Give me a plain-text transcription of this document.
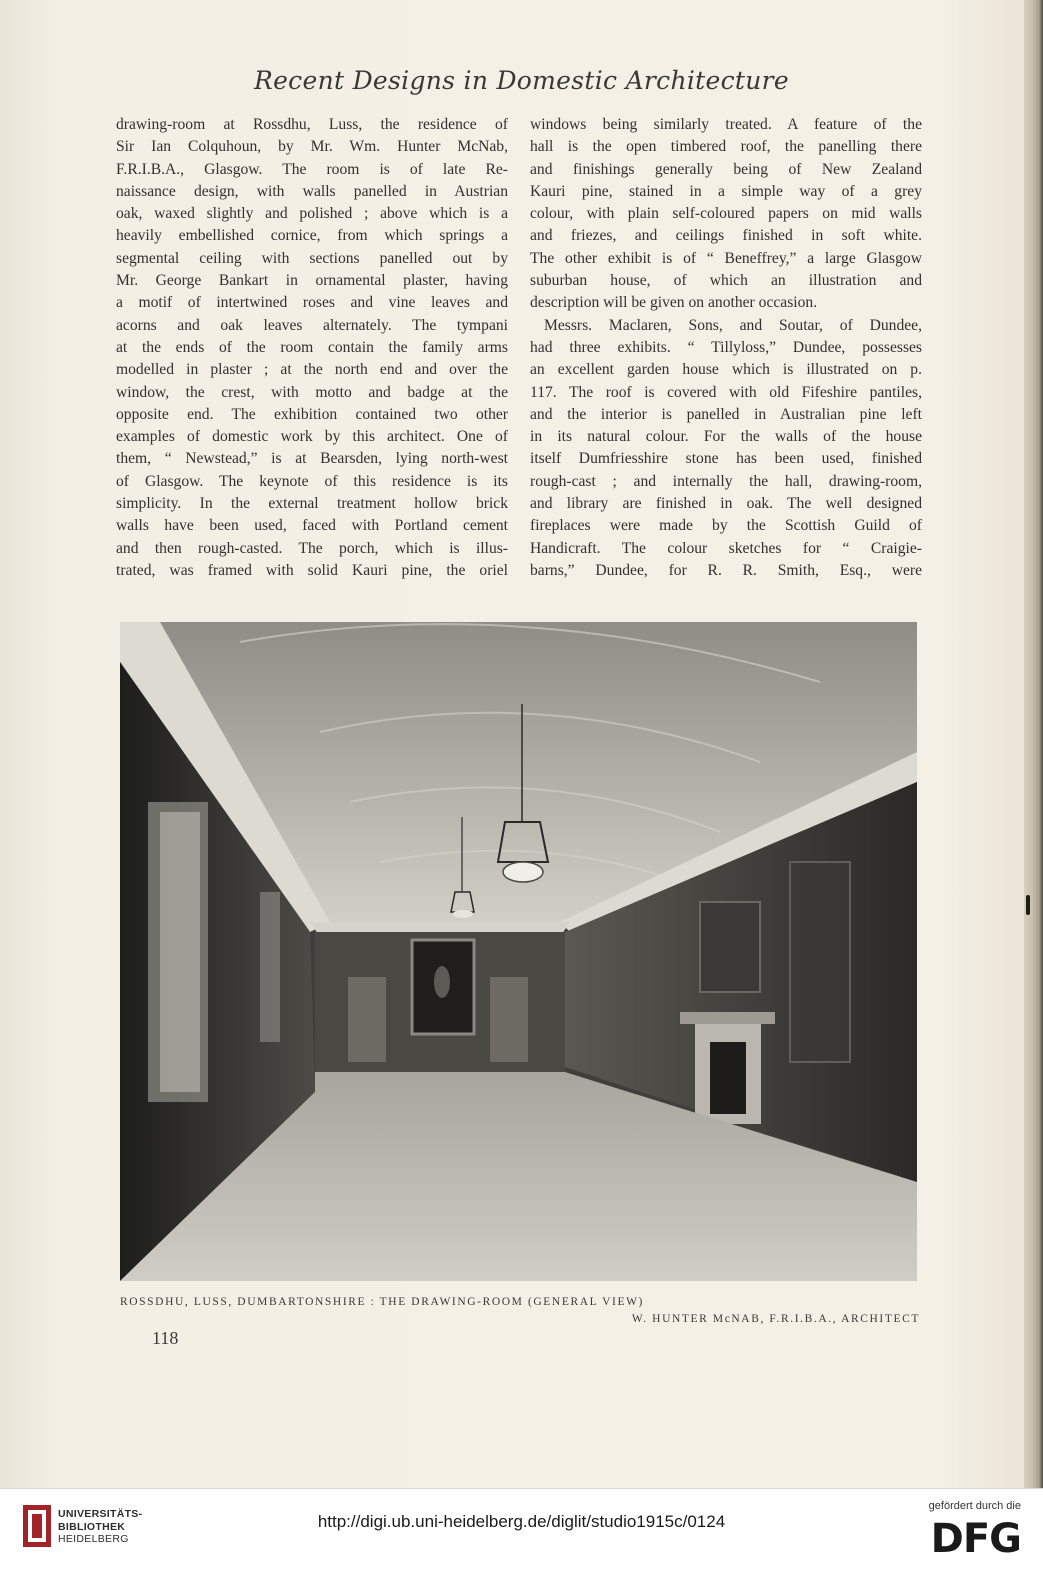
Recent Designs in Domestic Architecture
drawing-room at Rossdhu, Luss, the residence of
Sir Ian Colquhoun, by Mr. Wm. Hunter McNab,
F.R.I.B.A., Glasgow. The room is of late Re-
naissance design, with walls panelled in Austrian
oak, waxed slightly and polished ; above which is a
heavily embellished cornice, from which springs a
segmental ceiling with sections panelled out by
Mr. George Bankart in ornamental plaster, having
a motif of intertwined roses and vine leaves and
acorns and oak leaves alternately. The tympani
at the ends of the room contain the family arms
modelled in plaster ; at the north end and over the
window, the crest, with motto and badge at the
opposite end. The exhibition contained two other
examples of domestic work by this architect. One of
them, “ Newstead,” is at Bearsden, lying north-west
of Glasgow. The keynote of this residence is its
simplicity. In the external treatment hollow brick
walls have been used, faced with Portland cement
and then rough-casted. The porch, which is illus-
trated, was framed with solid Kauri pine, the oriel
windows being similarly treated. A feature of the
hall is the open timbered roof, the panelling there
and finishings generally being of New Zealand
Kauri pine, stained in a simple way of a grey
colour, with plain self-coloured papers on mid walls
and friezes, and ceilings finished in soft white.
The other exhibit is of “ Beneffrey,” a large Glasgow
suburban house, of which an illustration and
description will be given on another occasion.
Messrs. Maclaren, Sons, and Soutar, of Dundee,
had three exhibits. “ Tillyloss,” Dundee, possesses
an excellent garden house which is illustrated on p.
117. The roof is covered with old Fifeshire pantiles,
and the interior is panelled in Australian pine left
in its natural colour. For the walls of the house
itself Dumfriesshire stone has been used, finished
rough-cast ; and internally the hall, drawing-room,
and library are finished in oak. The well designed
fireplaces were made by the Scottish Guild of
Handicraft. The colour sketches for “ Craigie-
barns,” Dundee, for R. R. Smith, Esq., were
ROSSDHU, LUSS, DUMBARTONSHIRE : THE DRAWING-ROOM (GENERAL VIEW)
W. HUNTER McNAB, F.R.I.B.A., ARCHITECT
118
UNIVERSITÄTS-
BIBLIOTHEK
HEIDELBERG
http://digi.ub.uni-heidelberg.de/diglit/studio1915c/0124
gefördert durch die
DFG
